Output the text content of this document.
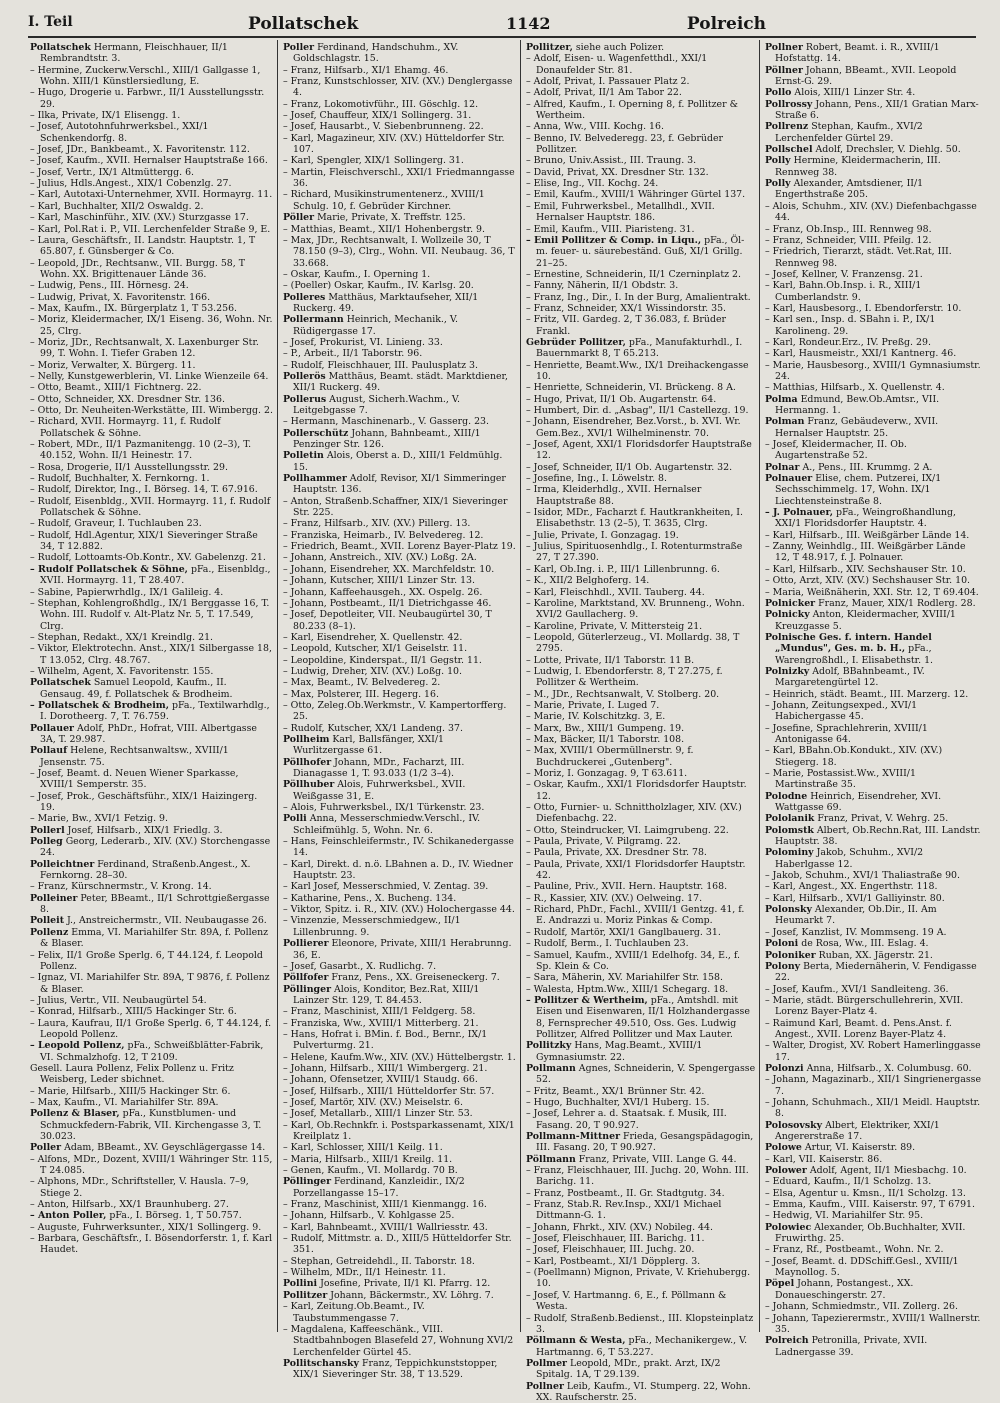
I. Teil	Pollatschek	1142	Polreich

Pollatschek Hermann, Fleischhauer, II/1 Rembrandtstr. 3.

– Hermine, Zuckerw.Verschl., XIII/1 Gallgasse 1, Wohn. XIII/1 Künstlersiedlung, E.

– Hugo, Drogerie u. Farbwr., II/1 Ausstellungsstr. 29.

– Ilka, Private, IX/1 Elisengg. 1.

– Josef, Autotohnfuhrwerksbel., XXI/1 Schenkendorfg. 8.

– Josef, JDr., Bankbeamt., X. Favoritenstr. 112.

– Josef, Kaufm., XVII. Hernalser Hauptstraße 166.

– Josef, Vertr., IX/1 Altmüttergg. 6.

– Julius, Hdls.Angest., XIX/1 Cobenzlg. 27.

– Karl, Autotaxi-Unternehmer, XVII. Hormayrg. 11.

– Karl, Buchhalter, XII/2 Oswaldg. 2.

– Karl, Maschinführ., XIV. (XV.) Sturzgasse 17.

– Karl, Pol.Rat i. P., VII. Lerchenfelder Straße 9, E.

– Laura, Geschäftsfr., II. Landstr. Hauptstr. 1, T 65.807, f. Günsberger & Co.

– Leopold, JDr., Rechtsanw., VII. Burgg. 58, T Wohn. XX. Brigittenauer Lände 36.

– Ludwig, Pens., III. Hörnesg. 24.

– Ludwig, Privat, X. Favoritenstr. 166.

– Max, Kaufm., IX. Bürgerplatz 1, T 53.256.

– Moriz, Kleidermacher, IX/1 Eiseng. 36, Wohn. Nr. 25, Clrg.

– Moriz, JDr., Rechtsanwalt, X. Laxenburger Str. 99, T. Wohn. I. Tiefer Graben 12.

– Moriz, Verwalter, X. Bürgerg. 11.

– Nelly, Kunstgewerblerin, VI. Linke Wienzeile 64.

– Otto, Beamt., XIII/1 Fichtnerg. 22.

– Otto, Schneider, XX. Dresdner Str. 136.

– Otto, Dr. Neuheiten-Werkstätte, III. Wimbergg. 2.

– Richard, XVII. Hormayrg. 11, f. Rudolf Pollatschek & Söhne.

– Robert, MDr., II/1 Pazmanitengg. 10 (2–3), T. 40.152, Wohn. II/1 Heinestr. 17.

– Rosa, Drogerie, II/1 Ausstellungsstr. 29.

– Rudolf, Buchhalter, X. Fernkorng. 1.

– Rudolf, Direktor, Ing., I. Börseg. 14, T. 67.916.

– Rudolf, Eisenbldg., XVII. Hormayrg. 11, f. Rudolf Pollatschek & Söhne.

– Rudolf, Graveur, I. Tuchlauben 23.

– Rudolf, Hdl.Agentur, XIX/1 Sieveringer Straße 34, T 12.882.

– Rudolf, Lottoamts-Ob.Kontr., XV. Gabelenzg. 21.

– Rudolf Pollatschek & Söhne, pFa., Eisenbldg., XVII. Hormayrg. 11, T 28.407.

– Sabine, Papierwrhdlg., IX/1 Galileig. 4.

– Stephan, Kohlengroßhdlg., IX/1 Berggasse 16, T. Wohn. III. Rudolf v. Alt-Platz Nr. 5, T. 17.549, Clrg.

– Stephan, Redakt., XX/1 Kreindlg. 21.

– Viktor, Elektrotechn. Anst., XIX/1 Silbergasse 18, T 13.052, Clrg. 48.767.

– Wilhelm, Agent, X. Favoritenstr. 155.

Pollatschek Samuel Leopold, Kaufm., II. Gensaug. 49, f. Pollatschek & Brodheim.

– Pollatschek & Brodheim, pFa., Textilwarhdlg., I. Dorotheerg. 7, T. 76.759.

Pollauer Adolf, PhDr., Hofrat, VIII. Albertgasse 3A, T. 29.987.

Pollauf Helene, Rechtsanwaltsw., XVIII/1 Jensenstr. 75.

– Josef, Beamt. d. Neuen Wiener Sparkasse, XVIII/1 Semperstr. 35.

– Josef, Prok., Geschäftsführ., XIX/1 Haizingerg. 19.

– Marie, Bw., XVI/1 Fetzig. 9.

Pollerl Josef, Hilfsarb., XIX/1 Friedlg. 3.

Polleg Georg, Lederarb., XIV. (XV.) Storchengasse 24.

Polleichtner Ferdinand, Straßenb.Angest., X. Fernkorng. 28–30.

– Franz, Kürschnermstr., V. Krong. 14.

Polleiner Peter, BBeamt., II/1 Schrottgießergasse 8.

Polleit J., Anstreichermstr., VII. Neubaugasse 26.

Pollenz Emma, VI. Mariahilfer Str. 89A, f. Pollenz & Blaser.

– Felix, II/1 Große Sperlg. 6, T 44.124, f. Leopold Pollenz.

– Ignaz, VI. Mariahilfer Str. 89A, T 9876, f. Pollenz & Blaser.

– Julius, Vertr., VII. Neubaugürtel 54.

– Konrad, Hilfsarb., XIII/5 Hackinger Str. 6.

– Laura, Kaufrau, II/1 Große Sperlg. 6, T 44.124, f. Leopold Pollenz.

– Leopold Pollenz, pFa., Schweißblätter-Fabrik, VI. Schmalzhofg. 12, T 2109.

Gesell. Laura Pollenz, Felix Pollenz u. Fritz Weisberg, Leder sbichnet.

– Marie, Hilfsarb., XIII/5 Hackinger Str. 6.

– Max, Kaufm., VI. Mariahilfer Str. 89A.

Pollenz & Blaser, pFa., Kunstblumen- und Schmuckfedern-Fabrik, VII. Kirchengasse 3, T. 30.023.

Poller Adam, BBeamt., XV. Geyschlägergasse 14.

– Alfons, MDr., Dozent, XVIII/1 Währinger Str. 115, T 24.085.

– Alphons, MDr., Schriftsteller, V. Hausla. 7–9, Stiege 2.

– Anton, Hilfsarb., XX/1 Braunhuberg. 27.

– Anton Poller, pFa., I. Börseg. 1, T 50.757.

– Auguste, Fuhrwerksunter., XIX/1 Sollingerg. 9.

– Barbara, Geschäftsfr., I. Bösendorferstr. 1, f. Karl Haudet.

Poller Ferdinand, Handschuhm., XV. Goldschlagstr. 15.

– Franz, Hilfsarb., XI/1 Ehamg. 46.

– Franz, Kunstschlosser, XIV. (XV.) Denglergasse 4.

– Franz, Lokomotivführ., III. Göschlg. 12.

– Josef, Chauffeur, XIX/1 Sollingerg. 31.

– Josef, Hausarbt., V. Siebenbrunneng. 22.

– Karl, Magazineur, XIV. (XV.) Hütteldorfer Str. 107.

– Karl, Spengler, XIX/1 Sollingerg. 31.

– Martin, Fleischverschl., XXI/1 Friedmanngasse 36.

– Richard, Musikinstrumentenerz., XVIII/1 Schulg. 10, f. Gebrüder Kirchner.

Pöller Marie, Private, X. Treffstr. 125.

– Matthias, Beamt., XII/1 Hohenbergstr. 9.

– Max, JDr., Rechtsanwalt, I. Wollzeile 30, T 78.150 (9–3), Clrg., Wohn. VII. Neubaug. 36, T 33.668.

– Oskar, Kaufm., I. Operning 1.

– (Poeller) Oskar, Kaufm., IV. Karlsg. 20.

Polleres Matthäus, Marktaufseher, XII/1 Ruckerg. 49.

Pollermann Heinrich, Mechanik., V. Rüdigergasse 17.

– Josef, Prokurist, VI. Linieng. 33.

– P., Arbeit., II/1 Taborstr. 96.

– Rudolf, Fleischhauer, III. Paulusplatz 3.

Pollerös Matthäus, Beamt. städt. Marktdiener, XII/1 Ruckerg. 49.

Pollerus August, Sicherh.Wachm., V. Leitgebgasse 7.

– Hermann, Maschinenarb., V. Gasserg. 23.

Pollerschütz Johann, Bahnbeamt., XIII/1 Penzinger Str. 126.

Polletin Alois, Oberst a. D., XIII/1 Feldmühlg. 15.

Pollhammer Adolf, Revisor, XI/1 Simmeringer Hauptstr. 136.

– Anton, Straßenb.Schaffner, XIX/1 Sieveringer Str. 225.

– Franz, Hilfsarb., XIV. (XV.) Pillerg. 13.

– Franziska, Heimarb., IV. Belvedereg. 12.

– Friedrich, Beamt., XVII. Lorenz Bayer-Platz 19.

– Johann, Anstreich., XIV. (XV.) Loßg. 2A.

– Johann, Eisendreher, XX. Marchfeldstr. 10.

– Johann, Kutscher, XIII/1 Linzer Str. 13.

– Johann, Kaffeehausgeh., XX. Ospelg. 26.

– Johann, Postbeamt., II/1 Dietrichgasse 46.

– Josef, Depotleiter, VII. Neubaugürtel 30, T 80.233 (8–1).

– Karl, Eisendreher, X. Quellenstr. 42.

– Leopold, Kutscher, XI/1 Geiselstr. 11.

– Leopoldine, Kinderspat., II/1 Gegstr. 11.

– Ludwig, Dreher, XIV. (XV.) Loßg. 10.

– Max, Beamt., IV. Belvedereg. 2.

– Max, Polsterer, III. Hegerg. 16.

– Otto, Zeleg.Ob.Werkmstr., V. Kampertorfferg. 25.

– Rudolf, Kutscher, XX/1 Landeng. 37.

Pollheim Karl, Ballsfänger, XXI/1 Wurlitzergasse 61.

Pöllhofer Johann, MDr., Facharzt, III. Dianagasse 1, T. 93.033 (1/2 3–4).

Pöllhuber Alois, Fuhrwerksbel., XVII. Weißgasse 31, E.

– Alois, Fuhrwerksbel., IX/1 Türkenstr. 23.

Polli Anna, Messerschmiedw.Verschl., IV. Schleifmühlg. 5, Wohn. Nr. 6.

– Hans, Feinschleifermstr., IV. Schikanedergasse 14.

– Karl, Direkt. d. n.ö. LBahnen a. D., IV. Wiedner Hauptstr. 23.

– Karl Josef, Messerschmied, V. Zentag. 39.

– Katharine, Pens., X. Bucheng. 134.

– Viktor, Spitz. i. R., XIV. (XV.) Holochergasse 44.

– Vinzenzie, Messerschmiedgew., II/1 Lillenbrunng. 9.

Pollierer Eleonore, Private, XIII/1 Herabrunng. 36, E.

– Josef, Gasarbt., X. Rudlichg. 7.

Pöllfofer Franz, Pens., XX. Greiseneckerg. 7.

Pöllinger Alois, Konditor, Bez.Rat, XIII/1 Lainzer Str. 129, T. 84.453.

– Franz, Maschinist, XIII/1 Feldgerg. 58.

– Franziska, Ww., XVIII/1 Mitterberg. 21.

– Hans, Hofrat i. BMin. f. Bod., Bernr., IX/1 Pulverturmg. 21.

– Helene, Kaufm.Ww., XIV. (XV.) Hüttelbergstr. 1.

– Johann, Hilfsarb., XIII/1 Wimbergerg. 21.

– Johann, Ofensetzer, XVIII/1 Staudg. 66.

– Josef, Hilfsarb., XIII/1 Hütteldorfer Str. 57.

– Josef, Martör, XIV. (XV.) Meiselstr. 6.

– Josef, Metallarb., XIII/1 Linzer Str. 53.

– Karl, Ob.Rechnkfr. i. Postsparkassenamt, XIX/1 Kreilplatz 1.

– Karl, Schlosser, XIII/1 Keilg. 11.

– Maria, Hilfsarb., XIII/1 Kreilg. 11.

– Genen, Kaufm., VI. Mollardg. 70 B.

Pöllinger Ferdinand, Kanzleidir., IX/2 Porzellangasse 15–17.

– Franz, Maschinist, XIII/1 Kienmangg. 16.

– Johann, Hilfsarb., V. Kohlgasse 25.

– Karl, Bahnbeamt., XVIII/1 Wallriesstr. 43.

– Rudolf, Mittmstr. a. D., XIII/5 Hütteldorfer Str. 351.

– Stephan, Getreidehdl., II. Taborstr. 18.

– Wilhelm, MDr., II/1 Heinestr. 11.

Pollini Josefine, Private, II/1 Kl. Pfarrg. 12.

Pollitzer Johann, Bäckermstr., XV. Löhrg. 7.

– Karl, Zeitung.Ob.Beamt., IV. Taubstummengasse 7.

– Magdalena, Kaffeeschänk., VIII. Stadtbahnbogen Blasefeld 27, Wohnung XVI/2 Lerchenfelder Gürtel 45.

Pollitschansky Franz, Teppichkunststopper, XIX/1 Sieveringer Str. 38, T 13.529.

Pollitzer, siehe auch Polizer.

– Adolf, Eisen- u. Wagenfetthdl., XXI/1 Donaufelder Str. 81.

– Adolf, Privat, I. Passauer Platz 2.

– Adolf, Privat, II/1 Am Tabor 22.

– Alfred, Kaufm., I. Operning 8, f. Pollitzer & Wertheim.

– Anna, Ww., VIII. Kochg. 16.

– Benno, IV. Belvederegg. 23, f. Gebrüder Pollitzer.

– Bruno, Univ.Assist., III. Traung. 3.

– David, Privat, XX. Dresdner Str. 132.

– Elise, Ing., VII. Kochg. 24.

– Emil, Kaufm., XVIII/1 Währinger Gürtel 137.

– Emil, Fuhrwerksbel., Metallhdl., XVII. Hernalser Hauptstr. 186.

– Emil, Kaufm., VIII. Piaristeng. 31.

– Emil Pollitzer & Comp. in Liqu., pFa., Öl- m. feuer- u. säurebeständ. Guß, XI/1 Grillg. 21–25.

– Ernestine, Schneiderin, II/1 Czerninplatz 2.

– Fanny, Näherin, II/1 Obdstr. 3.

– Franz, Ing., Dir., I. In der Burg, Amalientrakt.

– Franz, Schneider, XX/1 Wissindorstr. 35.

– Fritz, VII. Gardeg. 2, T 36.083, f. Brüder Frankl.

Gebrüder Pollitzer, pFa., Manufakturhdl., I. Bauernmarkt 8, T 65.213.

– Henriette, Beamt.Ww., IX/1 Dreihackengasse 10.

– Henriette, Schneiderin, VI. Brückeng. 8 A.

– Hugo, Privat, II/1 Ob. Augartenstr. 64.

– Humbert, Dir. d. „Asbag", II/1 Castellezg. 19.

– Johann, Eisendreher, Bez.Vorst., b. XVI. Wr. Gem.Bez., XVI/1 Wilhelminenstr. 70.

– Josef, Agent, XXI/1 Floridsdorfer Hauptstraße 12.

– Josef, Schneider, II/1 Ob. Augartenstr. 32.

– Josefine, Ing., I. Löwelstr. 8.

– Irma, Kleiderhdlg., XVII. Hernalser Hauptstraße 88.

– Isidor, MDr., Facharzt f. Hautkrankheiten, I. Elisabethstr. 13 (2–5), T. 3635, Clrg.

– Julie, Private, I. Gonzagag. 19.

– Julius, Spirituosenhdlg., I. Rotenturmstraße 27, T 27.390.

– Karl, Ob.Ing. i. P., III/1 Lillenbrunng. 6.

– K., XII/2 Belghoferg. 14.

– Karl, Fleischhdl., XVII. Tauberg. 44.

– Karoline, Marktstand, XV. Brunneng., Wohn. XVI/2 Gaullacherg. 9.

– Karoline, Private, V. Mittersteig 21.

– Leopold, Güterlerzeug., VI. Mollardg. 38, T 2795.

– Lotte, Private, II/1 Taborstr. 11 B.

– Ludwig, I. Ebendorferstr. 8, T 27.275, f. Pollitzer & Wertheim.

– M., JDr., Rechtsanwalt, V. Stolberg. 20.

– Marie, Private, I. Luged 7.

– Marie, IV. Kolschitzkg. 3, E.

– Marx, Bw., XIII/1 Gumpeng. 19.

– Max, Bäcker, II/1 Taborstr. 108.

– Max, XVIII/1 Obermüllnerstr. 9, f. Buchdruckerei „Gutenberg".

– Moriz, I. Gonzagag. 9, T 63.611.

– Oskar, Kaufm., XXI/1 Floridsdorfer Hauptstr. 12.

– Otto, Furnier- u. Schnittholzlager, XIV. (XV.) Diefenbachg. 22.

– Otto, Steindrucker, VI. Laimgrubeng. 22.

– Paula, Private, V. Pilgramg. 22.

– Paula, Private, XX. Dresdner Str. 78.

– Paula, Private, XXI/1 Floridsdorfer Hauptstr. 42.

– Pauline, Priv., XVII. Hern. Hauptstr. 168.

– R., Kassier, XIV. (XV.) Oelweing. 17.

– Richard, PhDr., Fachl., XVIII/1 Gentzg. 41, f. E. Andrazzi u. Moriz Pinkas & Comp.

– Rudolf, Martör, XXI/1 Ganglbauerg. 31.

– Rudolf, Berm., I. Tuchlauben 23.

– Samuel, Kaufm., XVIII/1 Edelhofg. 34, E., f. Sp. Klein & Co.

– Sara, Mäherin, XV. Mariahilfer Str. 158.

– Walesta, Hptm.Ww., XIII/1 Schegarg. 18.

– Pollitzer & Wertheim, pFa., Amtshdl. mit Eisen und Eisenwaren, II/1 Holzhandergasse 8, Fernsprecher 49.510, Oss. Ges. Ludwig Pollitzer, Alfred Pollitzer und Max Lauter.

Pollitzky Hans, Mag.Beamt., XVIII/1 Gymnasiumstr. 22.

Pollmann Agnes, Schneiderin, V. Spengergasse 52.

– Fritz, Beamt., XX/1 Brünner Str. 42.

– Hugo, Buchhalter, XVI/1 Huberg. 15.

– Josef, Lehrer a. d. Staatsak. f. Musik, III. Fasang. 20, T 90.927.

Pollmann-Mittner Frieda, Gesangspädagogin, III. Fasang. 20, T 90.927.

Pöllmann Franz, Private, VIII. Lange G. 44.

– Franz, Fleischhauer, III. Juchg. 20, Wohn. III. Barichg. 11.

– Franz, Postbeamt., II. Gr. Stadtgutg. 34.

– Franz, Stab.R. Rev.Insp., XXI/1 Michael Dittmann-G. 1.

– Johann, Fhrkt., XIV. (XV.) Nobileg. 44.

– Josef, Fleischhauer, III. Barichg. 11.

– Josef, Fleischhauer, III. Juchg. 20.

– Karl, Postbeamt., XI/1 Döpplerg. 3.

– (Poellmann) Mignon, Private, V. Kriehubergg. 10.

– Josef, V. Hartmanng. 6, E., f. Pöllmann & Westa.

– Rudolf, Straßenb.Bedienst., III. Klopsteinplatz 3.

Pöllmann & Westa, pFa., Mechanikergew., V. Hartmanng. 6, T 53.227.

Pollmer Leopold, MDr., prakt. Arzt, IX/2 Spitalg. 1A, T 29.139.

Pollner Leib, Kaufm., VI. Stumperg. 22, Wohn. XX. Raufscherstr. 25.

Pollner Robert, Beamt. i. R., XVIII/1 Hofstattg. 14.

Pöllner Johann, BBeamt., XVII. Leopold Ernst-G. 29.

Pollo Alois, XIII/1 Linzer Str. 4.

Pollrossy Johann, Pens., XII/1 Gratian Marx-Straße 6.

Pollrenz Stephan, Kaufm., XVI/2 Lerchenfelder Gürtel 29.

Pollschel Adolf, Drechsler, V. Diehlg. 50.

Polly Hermine, Kleidermacherin, III. Rennweg 38.

Polly Alexander, Amtsdiener, II/1 Engerthstraße 205.

– Alois, Schuhm., XIV. (XV.) Diefenbachgasse 44.

– Franz, Ob.Insp., III. Rennweg 98.

– Franz, Schneider, VIII. Pfeilg. 12.

– Friedrich, Tierarzt, städt. Vet.Rat, III. Rennweg 98.

– Josef, Kellner, V. Franzensg. 21.

– Karl, Bahn.Ob.Insp. i. R., XIII/1 Cumberlandstr. 9.

– Karl, Hausbesorg., I. Ebendorferstr. 10.

– Karl sen., Insp. d. SBahn i. P., IX/1 Karolineng. 29.

– Karl, Rondeur.Erz., IV. Preßg. 29.

– Karl, Hausmeistr., XXI/1 Kantnerg. 46.

– Marie, Hausbesorg., XVIII/1 Gymnasiumstr. 24.

– Matthias, Hilfsarb., X. Quellenstr. 4.

Polma Edmund, Bew.Ob.Amtsr., VII. Hermanng. 1.

Polman Franz, Gebäudeverw., XVII. Hernalser Hauptstr. 25.

– Josef, Kleidermacher, II. Ob. Augartenstraße 52.

Polnar A., Pens., III. Krummg. 2 A.

Polnauer Elise, chem. Putzerei, IX/1 Sechsschimmelg. 17, Wohn. IX/1 Liechtensteinstraße 8.

– J. Polnauer, pFa., Weingroßhandlung, XXI/1 Floridsdorfer Hauptstr. 4.

– Karl, Hilfsarb., III. Weißgärber Lände 14.

– Zanny, Weinhdlg., III. Weißgärber Lände 12, T 48.917, f. J. Polnauer.

– Karl, Hilfsarb., XIV. Sechshauser Str. 10.

– Otto, Arzt, XIV. (XV.) Sechshauser Str. 10.

– Maria, Weißnäherin, XXI. Str. 12, T 69.404.

Polnicker Franz, Mauer, XIX/1 Rodlerg. 28.

Polnicky Anton, Kleidermacher, XVIII/1 Kreuzgasse 5.

Polnische Ges. f. intern. Handel „Mundus", Ges. m. b. H., pFa., Warengroßhdl., I. Elisabethstr. 1.

Polnizky Adolf, BBahnbeamt., IV. Margaretengürtel 12.

– Heinrich, städt. Beamt., III. Marzerg. 12.

– Johann, Zeitungsexped., XVI/1 Habichergasse 45.

– Josefine, Sprachlehrerin, XVIII/1 Antonigasse 64.

– Karl, BBahn.Ob.Kondukt., XIV. (XV.) Stiegerg. 18.

– Marie, Postassist.Ww., XVIII/1 Martinstraße 35.

Polodne Heinrich, Eisendreher, XVI. Wattgasse 69.

Pololanik Franz, Privat, V. Wehrg. 25.

Polomstk Albert, Ob.Rechn.Rat, III. Landstr. Hauptstr. 38.

Polominy Jakob, Schuhm., XVI/2 Haberlgasse 12.

– Jakob, Schuhm., XVI/1 Thaliastraße 90.

– Karl, Angest., XX. Engerthstr. 118.

– Karl, Hilfsarb., XVI/1 Galliyinstr. 80.

Polonsky Alexander, Ob.Dir., II. Am Heumarkt 7.

– Josef, Kanzlist, IV. Mommseng. 19 A.

Poloni de Rosa, Ww., III. Eslag. 4.

Poloniker Ruban, XX. Jägerstr. 21.

Polony Berta, Miedernäherin, V. Fendigasse 22.

– Josef, Kaufm., XVI/1 Sandleiteng. 36.

– Marie, städt. Bürgerschullehrerin, XVII. Lorenz Bayer-Platz 4.

– Raimund Karl, Beamt. d. Pens.Anst. f. Angest., XVII. Lorenz Bayer-Platz 4.

– Walter, Drogist, XV. Robert Hamerlinggasse 17.

Polonzi Anna, Hilfsarb., X. Columbusg. 60.

– Johann, Magazinarb., XII/1 Singrienergasse 7.

– Johann, Schuhmach., XII/1 Meidl. Hauptstr. 8.

Polosovsky Albert, Elektriker, XXI/1 Angererstraße 17.

Polowe Artur, VI. Kaiserstr. 89.

– Karl, VII. Kaiserstr. 86.

Polower Adolf, Agent, II/1 Miesbachg. 10.

– Eduard, Kaufm., II/1 Scholzg. 13.

– Elsa, Agentur u. Kmsn., II/1 Scholzg. 13.

– Emma, Kaufm., VIII. Kaiserstr. 97, T 6791.

– Hedwig, VI. Mariahilfer Str. 95.

Polowiec Alexander, Ob.Buchhalter, XVII. Fruwirthg. 25.

– Franz, Rf., Postbeamt., Wohn. Nr. 2.

– Josef, Beamt. d. DDSchiff.Gesl., XVIII/1 Maynollog. 5.

Pöpel Johann, Postangest., XX. Donaueschingerstr. 27.

– Johann, Schmiedmstr., VII. Zollerg. 26.

– Johann, Tapezierermstr., XVIII/1 Wallnerstr. 35.

Polreich Petronilla, Private, XVII. Ladnergasse 39.
